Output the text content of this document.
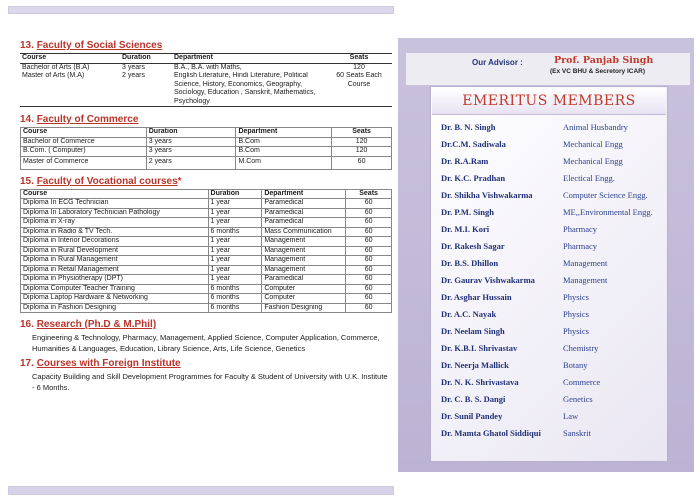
13. Faculty of Social Sciences
Course	Duration	Department	Seats
Bachelor of Arts (B.A)	3 years	B.A., B.A. with Maths,	120
Master of Arts (M.A)	2 years	English Literature, Hindi Literature, Political Science, History, Economics, Geography, Sociology, Education , Sanskrit, Mathematics, Psychology	60 Seats Each Course
14. Faculty of Commerce
Course	Duration	Department	Seats
Bachelor of Commerce	3 years	B.Com	120
B.Com. ( Computer)	3 years	B.Com	120
Master of Commerce	2 years	M.Com	60
15. Faculty of Vocational courses*
Course	Duration	Department	Seats
Diploma In ECG Technician	1 year	Paramedical	60
Diploma In Laboratory Technician Pathology	1 year	Paramedical	60
Diploma in X-ray	1 year	Paramedical	60
Diploma in Radio & TV Tech.	6 months	Mass Communication	60
Diploma in Interior Decorations	1 year	Management	60
Diploma in Rural Development	1 year	Management	60
Diploma in Rural Management	1 year	Management	60
Diploma in Retail Management	1 year	Management	60
Diploma in Physiotherapy (DPT)	1 year	Paramedical	60
Diploma Computer Teacher Training	6 months	Computer	60
Diploma Laptop Hardware & Networking	6 months	Computer	60
Diploma in Fashion Designing	6 months	Fashion Designing	60
16. Research (Ph.D & M.Phil)

Engineering & Technology, Pharmacy, Management, Applied Science, Computer Application, Commerce, Humanities & Languages, Education, Library Science, Arts, Life Science, Genetics

17. Courses with Foreign Institute

Capacity Building and Skill Development Programmes for Faculty & Student of University with U.K. Institute - 6 Months.

Our Advisor :	Prof. Panjab Singh
(Ex VC BHU & Secretory ICAR)
EMERITUS MEMBERS
Dr. B. N. Singh	Animal Husbandry
Dr.C.M. Sadiwala	Mechanical Engg
Dr. R.A.Ram	Mechanical Engg
Dr. K.C. Pradhan	Electical Engg.
Dr. Shikha Vishwakarma	Computer Science Engg.
Dr. P.M. Singh	ME,,Environmental Engg.
Dr. M.I. Kori	Pharmacy
Dr. Rakesh Sagar	Pharmacy
Dr. B.S. Dhillon	Management
Dr. Gaurav Vishwakarma	Management
Dr. Asghar Hussain	Physics
Dr. A.C. Nayak	Physics
Dr. Neelam Singh	Physics
Dr. K.B.I. Shrivastav	Chemistry
Dr. Neerja Mallick	Botany
Dr. N. K. Shrivastava	Commerce
Dr. C. B. S. Dangi	Genetics
Dr. Sunil Pandey	Law
Dr. Mamta Ghatol Siddiqui	Sanskrit
